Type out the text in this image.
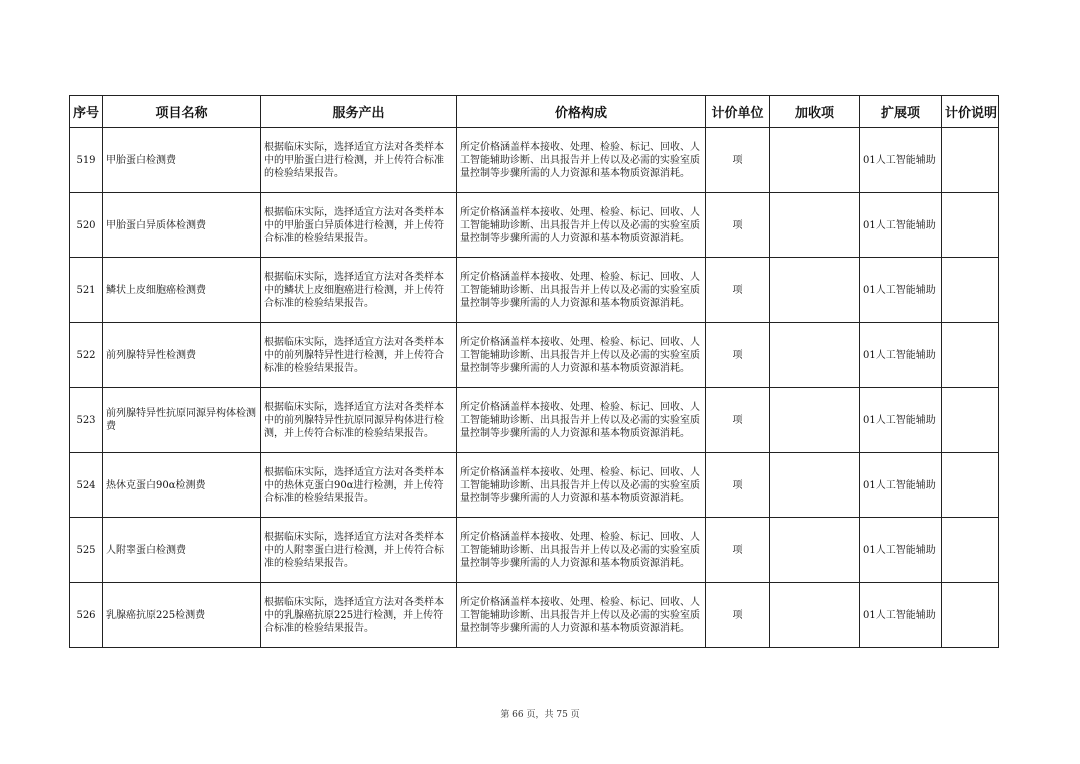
序号	项目名称	服务产出	价格构成	计价单位	加收项	扩展项	计价说明
519	甲胎蛋白检测费	根据临床实际，选择适宜方法对各类样本中的甲胎蛋白进行检测，并上传符合标准的检验结果报告。	所定价格涵盖样本接收、处理、检验、标记、回收、人工智能辅助诊断、出具报告并上传以及必需的实验室质量控制等步骤所需的人力资源和基本物质资源消耗。	项		01人工智能辅助	
520	甲胎蛋白异质体检测费	根据临床实际，选择适宜方法对各类样本中的甲胎蛋白异质体进行检测，并上传符合标准的检验结果报告。	所定价格涵盖样本接收、处理、检验、标记、回收、人工智能辅助诊断、出具报告并上传以及必需的实验室质量控制等步骤所需的人力资源和基本物质资源消耗。	项		01人工智能辅助	
521	鳞状上皮细胞癌检测费	根据临床实际，选择适宜方法对各类样本中的鳞状上皮细胞癌进行检测，并上传符合标准的检验结果报告。	所定价格涵盖样本接收、处理、检验、标记、回收、人工智能辅助诊断、出具报告并上传以及必需的实验室质量控制等步骤所需的人力资源和基本物质资源消耗。	项		01人工智能辅助	
522	前列腺特异性检测费	根据临床实际，选择适宜方法对各类样本中的前列腺特异性进行检测，并上传符合标准的检验结果报告。	所定价格涵盖样本接收、处理、检验、标记、回收、人工智能辅助诊断、出具报告并上传以及必需的实验室质量控制等步骤所需的人力资源和基本物质资源消耗。	项		01人工智能辅助	
523	前列腺特异性抗原同源异构体检测费	根据临床实际，选择适宜方法对各类样本中的前列腺特异性抗原同源异构体进行检测，并上传符合标准的检验结果报告。	所定价格涵盖样本接收、处理、检验、标记、回收、人工智能辅助诊断、出具报告并上传以及必需的实验室质量控制等步骤所需的人力资源和基本物质资源消耗。	项		01人工智能辅助	
524	热休克蛋白90α检测费	根据临床实际，选择适宜方法对各类样本中的热休克蛋白90α进行检测，并上传符合标准的检验结果报告。	所定价格涵盖样本接收、处理、检验、标记、回收、人工智能辅助诊断、出具报告并上传以及必需的实验室质量控制等步骤所需的人力资源和基本物质资源消耗。	项		01人工智能辅助	
525	人附睾蛋白检测费	根据临床实际，选择适宜方法对各类样本中的人附睾蛋白进行检测，并上传符合标准的检验结果报告。	所定价格涵盖样本接收、处理、检验、标记、回收、人工智能辅助诊断、出具报告并上传以及必需的实验室质量控制等步骤所需的人力资源和基本物质资源消耗。	项		01人工智能辅助	
526	乳腺癌抗原225检测费	根据临床实际，选择适宜方法对各类样本中的乳腺癌抗原225进行检测，并上传符合标准的检验结果报告。	所定价格涵盖样本接收、处理、检验、标记、回收、人工智能辅助诊断、出具报告并上传以及必需的实验室质量控制等步骤所需的人力资源和基本物质资源消耗。	项		01人工智能辅助	
第 66 页，共 75 页
